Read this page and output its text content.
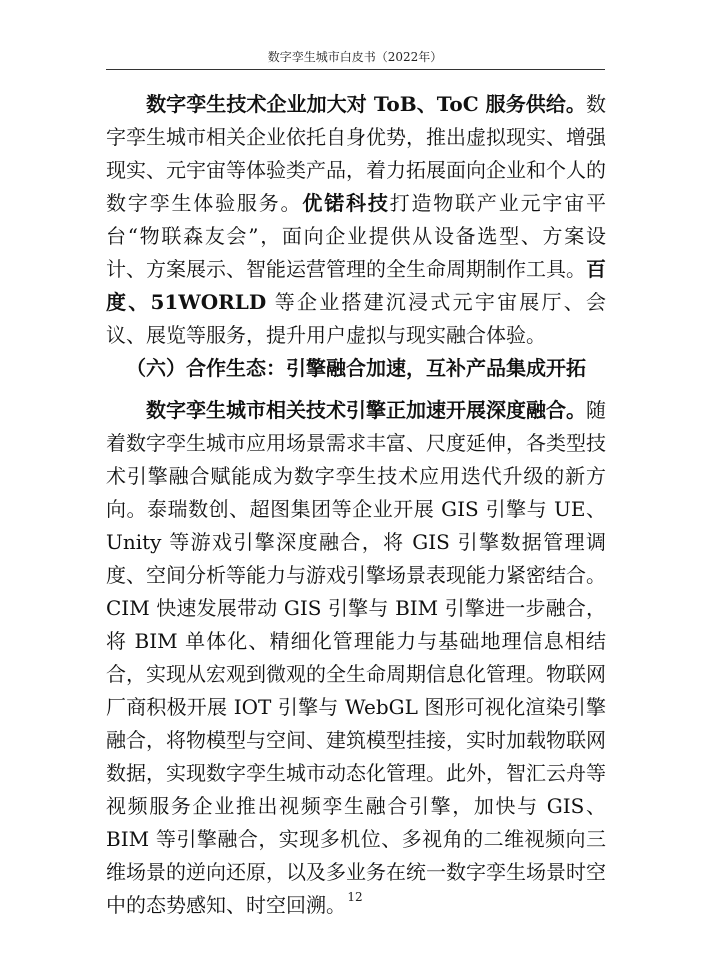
数字孪生城市白皮书（2022年）

数字孪生技术企业加大对 ToB、ToC 服务供给。数字孪生城市相关企业依托自身优势，推出虚拟现实、增强现实、元宇宙等体验类产品，着力拓展面向企业和个人的数字孪生体验服务。优锘科技打造物联产业元宇宙平台“物联森友会”，面向企业提供从设备选型、方案设计、方案展示、智能运营管理的全生命周期制作工具。百度、51WORLD 等企业搭建沉浸式元宇宙展厅、会议、展览等服务，提升用户虚拟与现实融合体验。

（六）合作生态：引擎融合加速，互补产品集成开拓

数字孪生城市相关技术引擎正加速开展深度融合。随着数字孪生城市应用场景需求丰富、尺度延伸，各类型技术引擎融合赋能成为数字孪生技术应用迭代升级的新方向。泰瑞数创、超图集团等企业开展 GIS 引擎与 UE、Unity 等游戏引擎深度融合，将 GIS 引擎数据管理调度、空间分析等能力与游戏引擎场景表现能力紧密结合。CIM 快速发展带动 GIS 引擎与 BIM 引擎进一步融合，将 BIM 单体化、精细化管理能力与基础地理信息相结合，实现从宏观到微观的全生命周期信息化管理。物联网厂商积极开展 IOT 引擎与 WebGL 图形可视化渲染引擎融合，将物模型与空间、建筑模型挂接，实时加载物联网数据，实现数字孪生城市动态化管理。此外，智汇云舟等视频服务企业推出视频孪生融合引擎，加快与 GIS、BIM 等引擎融合，实现多机位、多视角的二维视频向三维场景的逆向还原，以及多业务在统一数字孪生场景时空中的态势感知、时空回溯。 12
